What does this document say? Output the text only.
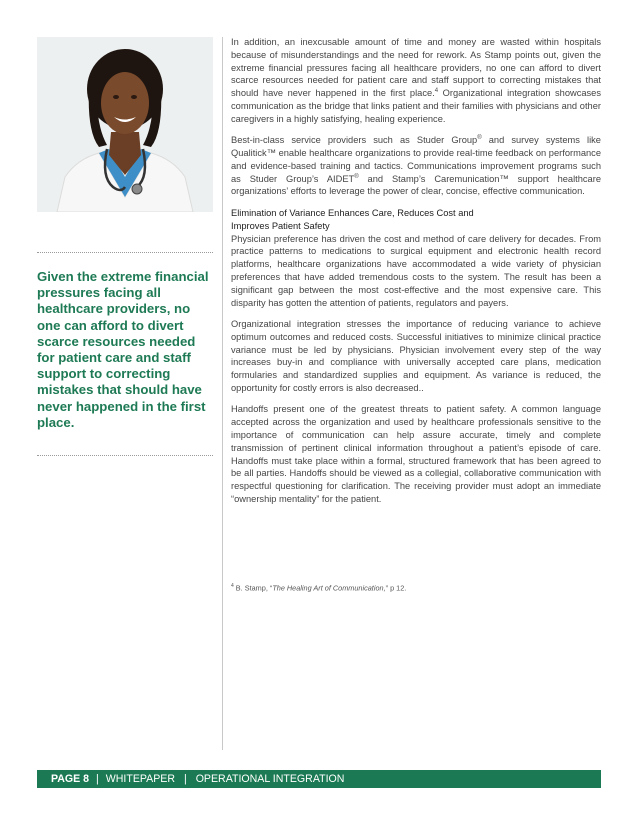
Given the extreme financial pressures facing all healthcare providers, no one can afford to divert scarce resources needed for patient care and staff support to correcting mistakes that should have never happened in the first place.

In addition, an inexcusable amount of time and money are wasted within hospitals because of misunderstandings and the need for rework. As Stamp points out, given the extreme financial pressures facing all healthcare providers, no one can afford to divert scarce resources needed for patient care and staff support to correcting mistakes that should have never happened in the first place.$^4$ Organizational integration showcases communication as the bridge that links patient and their families with physicians and other caregivers in a highly satisfying, healing experience.

Best-in-class service providers such as Studer Group® and survey systems like Qualitick™ enable healthcare organizations to provide real-time feedback on performance and evidence-based training and tactics. Communications improvement programs such as Studer Group’s AIDET® and Stamp’s Caremunication™ support healthcare organizations’ efforts to leverage the power of clear, concise, effective communication.

Elimination of Variance Enhances Care, Reduces Cost and
Improves Patient Safety

Physician preference has driven the cost and method of care delivery for decades. From practice patterns to medications to surgical equipment and electronic health record platforms, healthcare organizations have accommodated a wide variety of physician preferences that have added tremendous costs to the system. The result has been a significant gap between the most cost-effective and the most expensive care. This disparity has gotten the attention of patients, regulators and payers.

Organizational integration stresses the importance of reducing variance to achieve optimum outcomes and reduced costs. Successful initiatives to minimize clinical practice variance must be led by physicians. Physician involvement every step of the way increases buy-in and compliance with universally accepted care plans, medication formularies and standardized supplies and equipment. As variance is reduced, the opportunity for costly errors is also decreased..

Handoffs present one of the greatest threats to patient safety. A common language accepted across the organization and used by healthcare professionals sensitive to the importance of communication can help assure accurate, timely and complete transmission of pertinent clinical information throughout a patient’s episode of care. Handoffs must take place within a formal, structured framework that has been agreed to be all parties. Handoffs should be viewed as a collegial, collaborative communication with respectful questioning for clarification. The receiving provider must adopt an immediate “ownership mentality” for the patient.

$^4$ B. Stamp, “The Healing Art of Communication,” p 12.
PAGE 8 | WHITEPAPER | OPERATIONAL INTEGRATION
